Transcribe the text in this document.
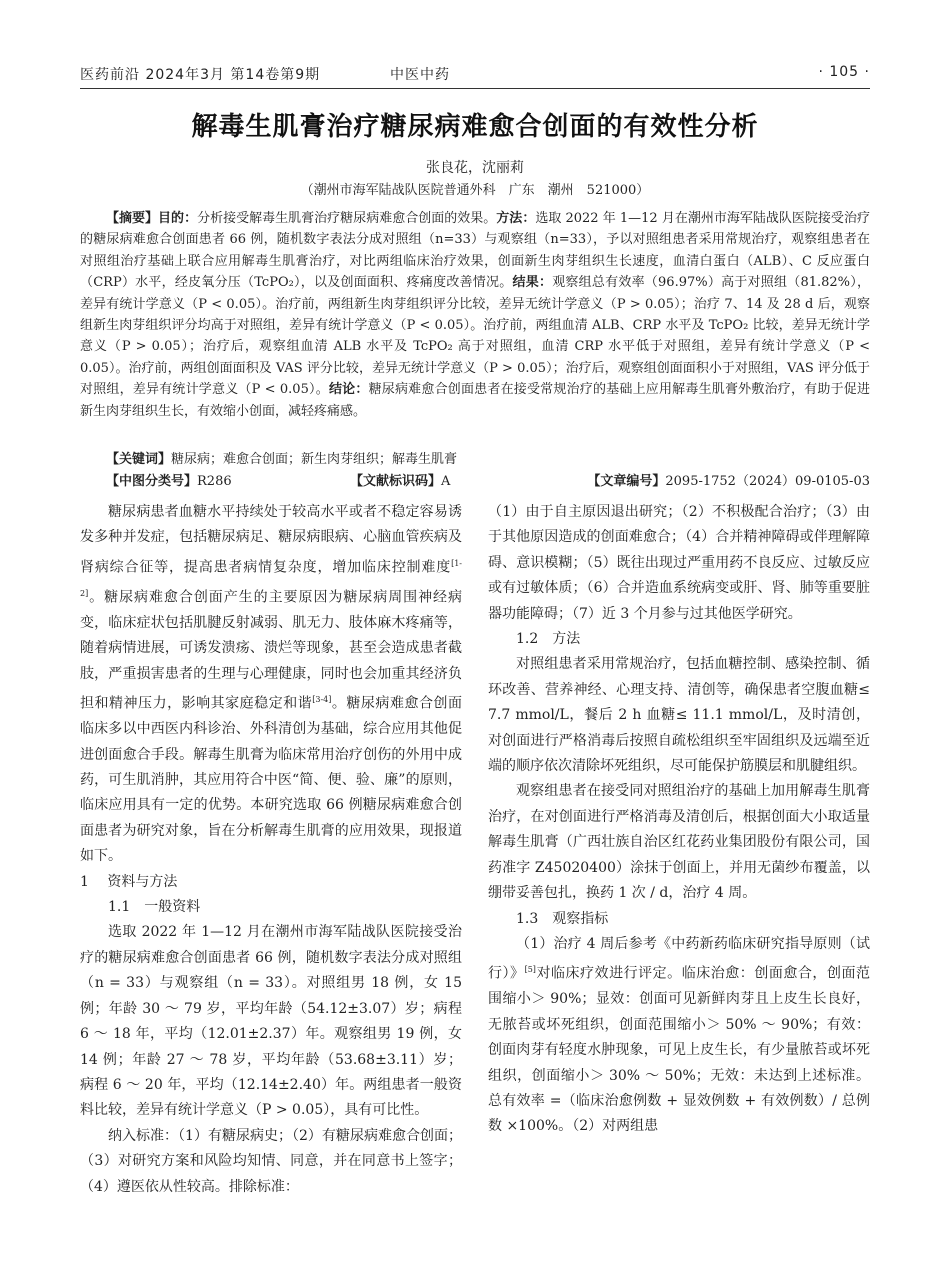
医药前沿 2024年3月 第14卷第9期	中医中药	· 105 ·
解毒生肌膏治疗糖尿病难愈合创面的有效性分析
张良花，沈丽莉
（潮州市海军陆战队医院普通外科　广东　潮州　521000）
【摘要】目的：分析接受解毒生肌膏治疗糖尿病难愈合创面的效果。方法：选取 2022 年 1—12 月在潮州市海军陆战队医院接受治疗的糖尿病难愈合创面患者 66 例，随机数字表法分成对照组（n=33）与观察组（n=33），予以对照组患者采用常规治疗，观察组患者在对照组治疗基础上联合应用解毒生肌膏治疗，对比两组临床治疗效果，创面新生肉芽组织生长速度，血清白蛋白（ALB）、C 反应蛋白（CRP）水平，经皮氧分压（TcPO₂），以及创面面积、疼痛度改善情况。结果：观察组总有效率（96.97%）高于对照组（81.82%），差异有统计学意义（P < 0.05）。治疗前，两组新生肉芽组织评分比较，差异无统计学意义（P > 0.05）；治疗 7、14 及 28 d 后，观察组新生肉芽组织评分均高于对照组，差异有统计学意义（P < 0.05）。治疗前，两组血清 ALB、CRP 水平及 TcPO₂ 比较，差异无统计学意义（P > 0.05）；治疗后，观察组血清 ALB 水平及 TcPO₂ 高于对照组，血清 CRP 水平低于对照组，差异有统计学意义（P < 0.05）。治疗前，两组创面面积及 VAS 评分比较，差异无统计学意义（P > 0.05）；治疗后，观察组创面面积小于对照组，VAS 评分低于对照组，差异有统计学意义（P < 0.05）。结论：糖尿病难愈合创面患者在接受常规治疗的基础上应用解毒生肌膏外敷治疗，有助于促进新生肉芽组织生长，有效缩小创面，减轻疼痛感。
【关键词】糖尿病；难愈合创面；新生肉芽组织；解毒生肌膏
【中图分类号】R286	【文献标识码】A	【文章编号】2095-1752（2024）09-0105-03

糖尿病患者血糖水平持续处于较高水平或者不稳定容易诱发多种并发症，包括糖尿病足、糖尿病眼病、心脑血管疾病及肾病综合征等，提高患者病情复杂度，增加临床控制难度[1-2]。糖尿病难愈合创面产生的主要原因为糖尿病周围神经病变，临床症状包括肌腱反射减弱、肌无力、肢体麻木疼痛等，随着病情进展，可诱发溃疡、溃烂等现象，甚至会造成患者截肢，严重损害患者的生理与心理健康，同时也会加重其经济负担和精神压力，影响其家庭稳定和谐[3-4]。糖尿病难愈合创面临床多以中西医内科诊治、外科清创为基础，综合应用其他促进创面愈合手段。解毒生肌膏为临床常用治疗创伤的外用中成药，可生肌消肿，其应用符合中医“简、便、验、廉”的原则，临床应用具有一定的优势。本研究选取 66 例糖尿病难愈合创面患者为研究对象，旨在分析解毒生肌膏的应用效果，现报道如下。

1　 资料与方法

1.1　一般资料

选取 2022 年 1—12 月在潮州市海军陆战队医院接受治疗的糖尿病难愈合创面患者 66 例，随机数字表法分成对照组（n = 33）与观察组（n = 33）。对照组男 18 例，女 15 例；年龄 30 ～ 79 岁，平均年龄（54.12±3.07）岁；病程 6 ～ 18 年，平均（12.01±2.37）年。观察组男 19 例，女 14 例；年龄 27 ～ 78 岁，平均年龄（53.68±3.11）岁；病程 6 ～ 20 年，平均（12.14±2.40）年。两组患者一般资料比较，差异有统计学意义（P > 0.05），具有可比性。

纳入标准：（1）有糖尿病史；（2）有糖尿病难愈合创面；（3）对研究方案和风险均知情、同意，并在同意书上签字；（4）遵医依从性较高。排除标准：

（1）由于自主原因退出研究；（2）不积极配合治疗；（3）由于其他原因造成的创面难愈合；（4）合并精神障碍或伴理解障碍、意识模糊；（5）既往出现过严重用药不良反应、过敏反应或有过敏体质；（6）合并造血系统病变或肝、肾、肺等重要脏器功能障碍；（7）近 3 个月参与过其他医学研究。

1.2　方法

对照组患者采用常规治疗，包括血糖控制、感染控制、循环改善、营养神经、心理支持、清创等，确保患者空腹血糖≤ 7.7 mmol/L，餐后 2 h 血糖≤ 11.1 mmol/L，及时清创，对创面进行严格消毒后按照自疏松组织至牢固组织及远端至近端的顺序依次清除坏死组织，尽可能保护筋膜层和肌腱组织。

观察组患者在接受同对照组治疗的基础上加用解毒生肌膏治疗，在对创面进行严格消毒及清创后，根据创面大小取适量解毒生肌膏（广西壮族自治区红花药业集团股份有限公司，国药准字 Z45020400）涂抹于创面上，并用无菌纱布覆盖，以绷带妥善包扎，换药 1 次 / d，治疗 4 周。

1.3　观察指标

（1）治疗 4 周后参考《中药新药临床研究指导原则（试行）》[5]对临床疗效进行评定。临床治愈：创面愈合，创面范围缩小＞ 90%；显效：创面可见新鲜肉芽且上皮生长良好，无脓苔或坏死组织，创面范围缩小＞ 50% ～ 90%；有效：创面肉芽有轻度水肿现象，可见上皮生长，有少量脓苔或坏死组织，创面缩小＞ 30% ～ 50%；无效：未达到上述标准。总有效率 =（临床治愈例数 + 显效例数 + 有效例数）/ 总例数 ×100%。（2）对两组患
